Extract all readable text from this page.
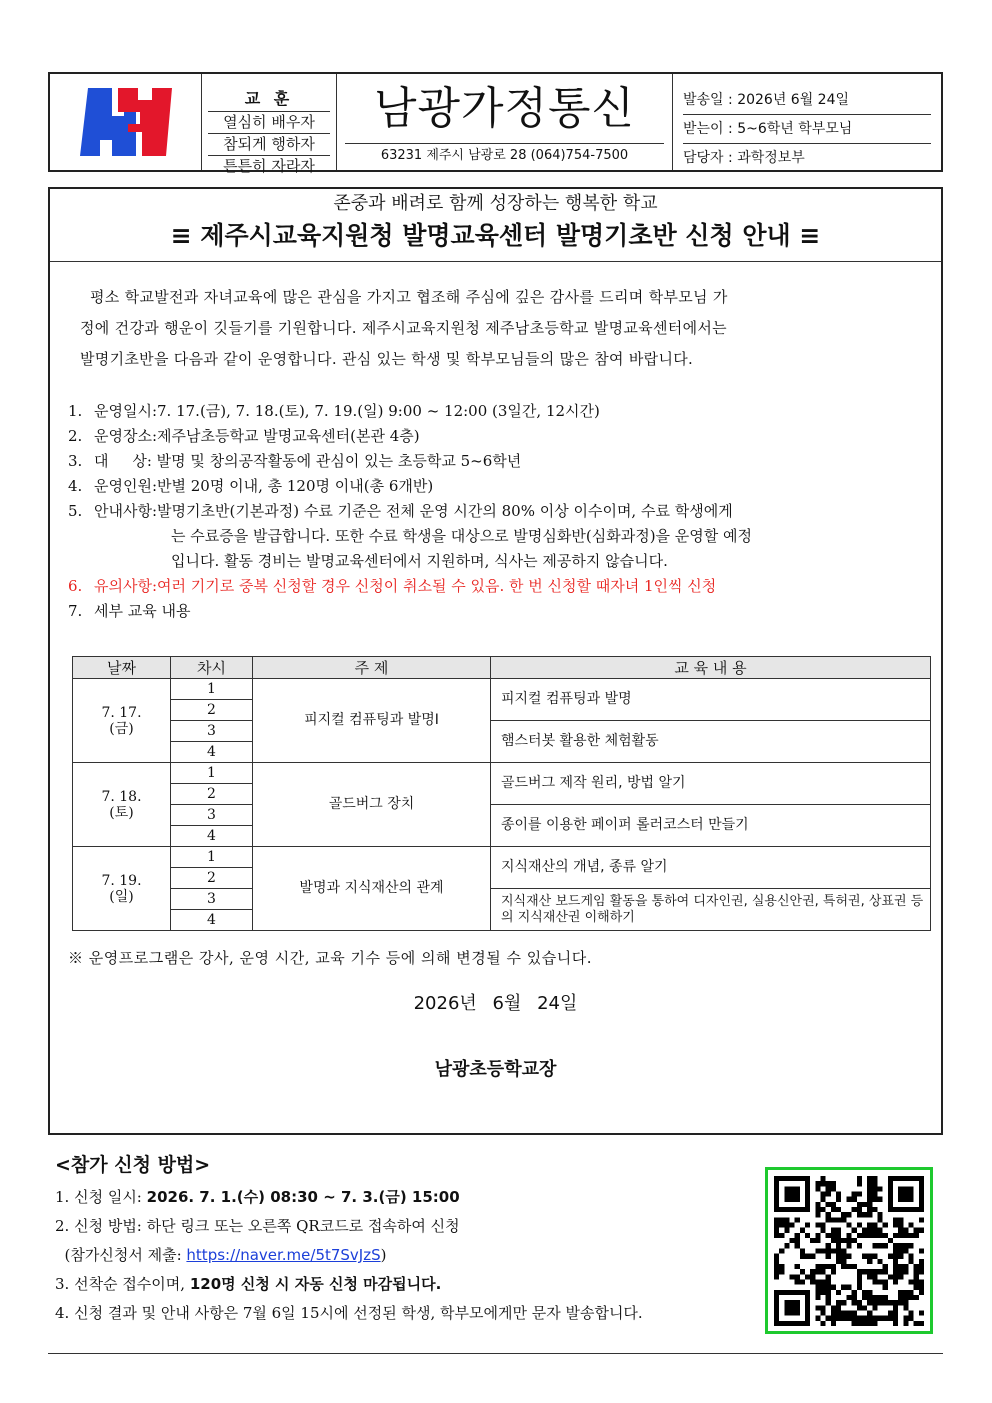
교 훈
열심히 배우자
참되게 행하자
튼튼히 자라자
남광가정통신
63231 제주시 남광로 28 (064)754-7500
발송일 : 2026년 6월 24일
받는이 : 5~6학년 학부모님
담당자 : 과학정보부
존중과 배려로 함께 성장하는 행복한 학교
≡ 제주시교육지원청 발명교육센터 발명기초반 신청 안내 ≡
평소 학교발전과 자녀교육에 많은 관심을 가지고 협조해 주심에 깊은 감사를 드리며 학부모님 가
정에 건강과 행운이 깃들기를 기원합니다. 제주시교육지원청 제주남초등학교 발명교육센터에서는
발명기초반을 다음과 같이 운영합니다. 관심 있는 학생 및 학부모님들의 많은 참여 바랍니다.
1. 운영일시: 7. 17.(금), 7. 18.(토), 7. 19.(일) 9:00 ~ 12:00 (3일간, 12시간)
2. 운영장소: 제주남초등학교 발명교육센터(본관 4층)
3. 대     상: 발명 및 창의공작활동에 관심이 있는 초등학교 5~6학년
4. 운영인원: 반별 20명 이내, 총 120명 이내(총 6개반)
5. 안내사항: 발명기초반(기본과정) 수료 기준은 전체 운영 시간의 80% 이상 이수이며, 수료 학생에게
는 수료증을 발급합니다. 또한 수료 학생을 대상으로 발명심화반(심화과정)을 운영할 예정
입니다. 활동 경비는 발명교육센터에서 지원하며, 식사는 제공하지 않습니다.
6. 유의사항: 여러 기기로 중복 신청할 경우 신청이 취소될 수 있음. 한 번 신청할 때자녀 1인씩 신청
7. 세부 교육 내용
날짜	차시	주 제	교 육 내 용

7. 17.
(금)	1	피지컬 컴퓨팅과 발명Ⅰ	피지컬 컴퓨팅과 발명
	2		
	3		햄스터봇 활용한 체험활동
	4		

7. 18.
(토)	1	골드버그 장치	골드버그 제작 원리, 방법 알기
	2		
	3		종이를 이용한 페이퍼 롤러코스터 만들기
	4		

7. 19.
(일)	1	발명과 지식재산의 관계	지식재산의 개념, 종류 알기
	2		
	3		지식재산 보드게임 활동을 통하여 디자인권, 실용신안권, 특허권, 상표권 등의 지식재산권 이해하기
	4		
※ 운영프로그램은 강사, 운영 시간, 교육 기수 등에 의해 변경될 수 있습니다.
2026년 6월 24일
남광초등학교장
<참가 신청 방법>
1. 신청 일시: 2026. 7. 1.(수) 08:30 ~ 7. 3.(금) 15:00
2. 신청 방법: 하단 링크 또는 오른쪽 QR코드로 접속하여 신청
(참가신청서 제출: https://naver.me/5t7SvJzS)
3. 선착순 접수이며, 120명 신청 시 자동 신청 마감됩니다.
4. 신청 결과 및 안내 사항은 7월 6일 15시에 선정된 학생, 학부모에게만 문자 발송합니다.
